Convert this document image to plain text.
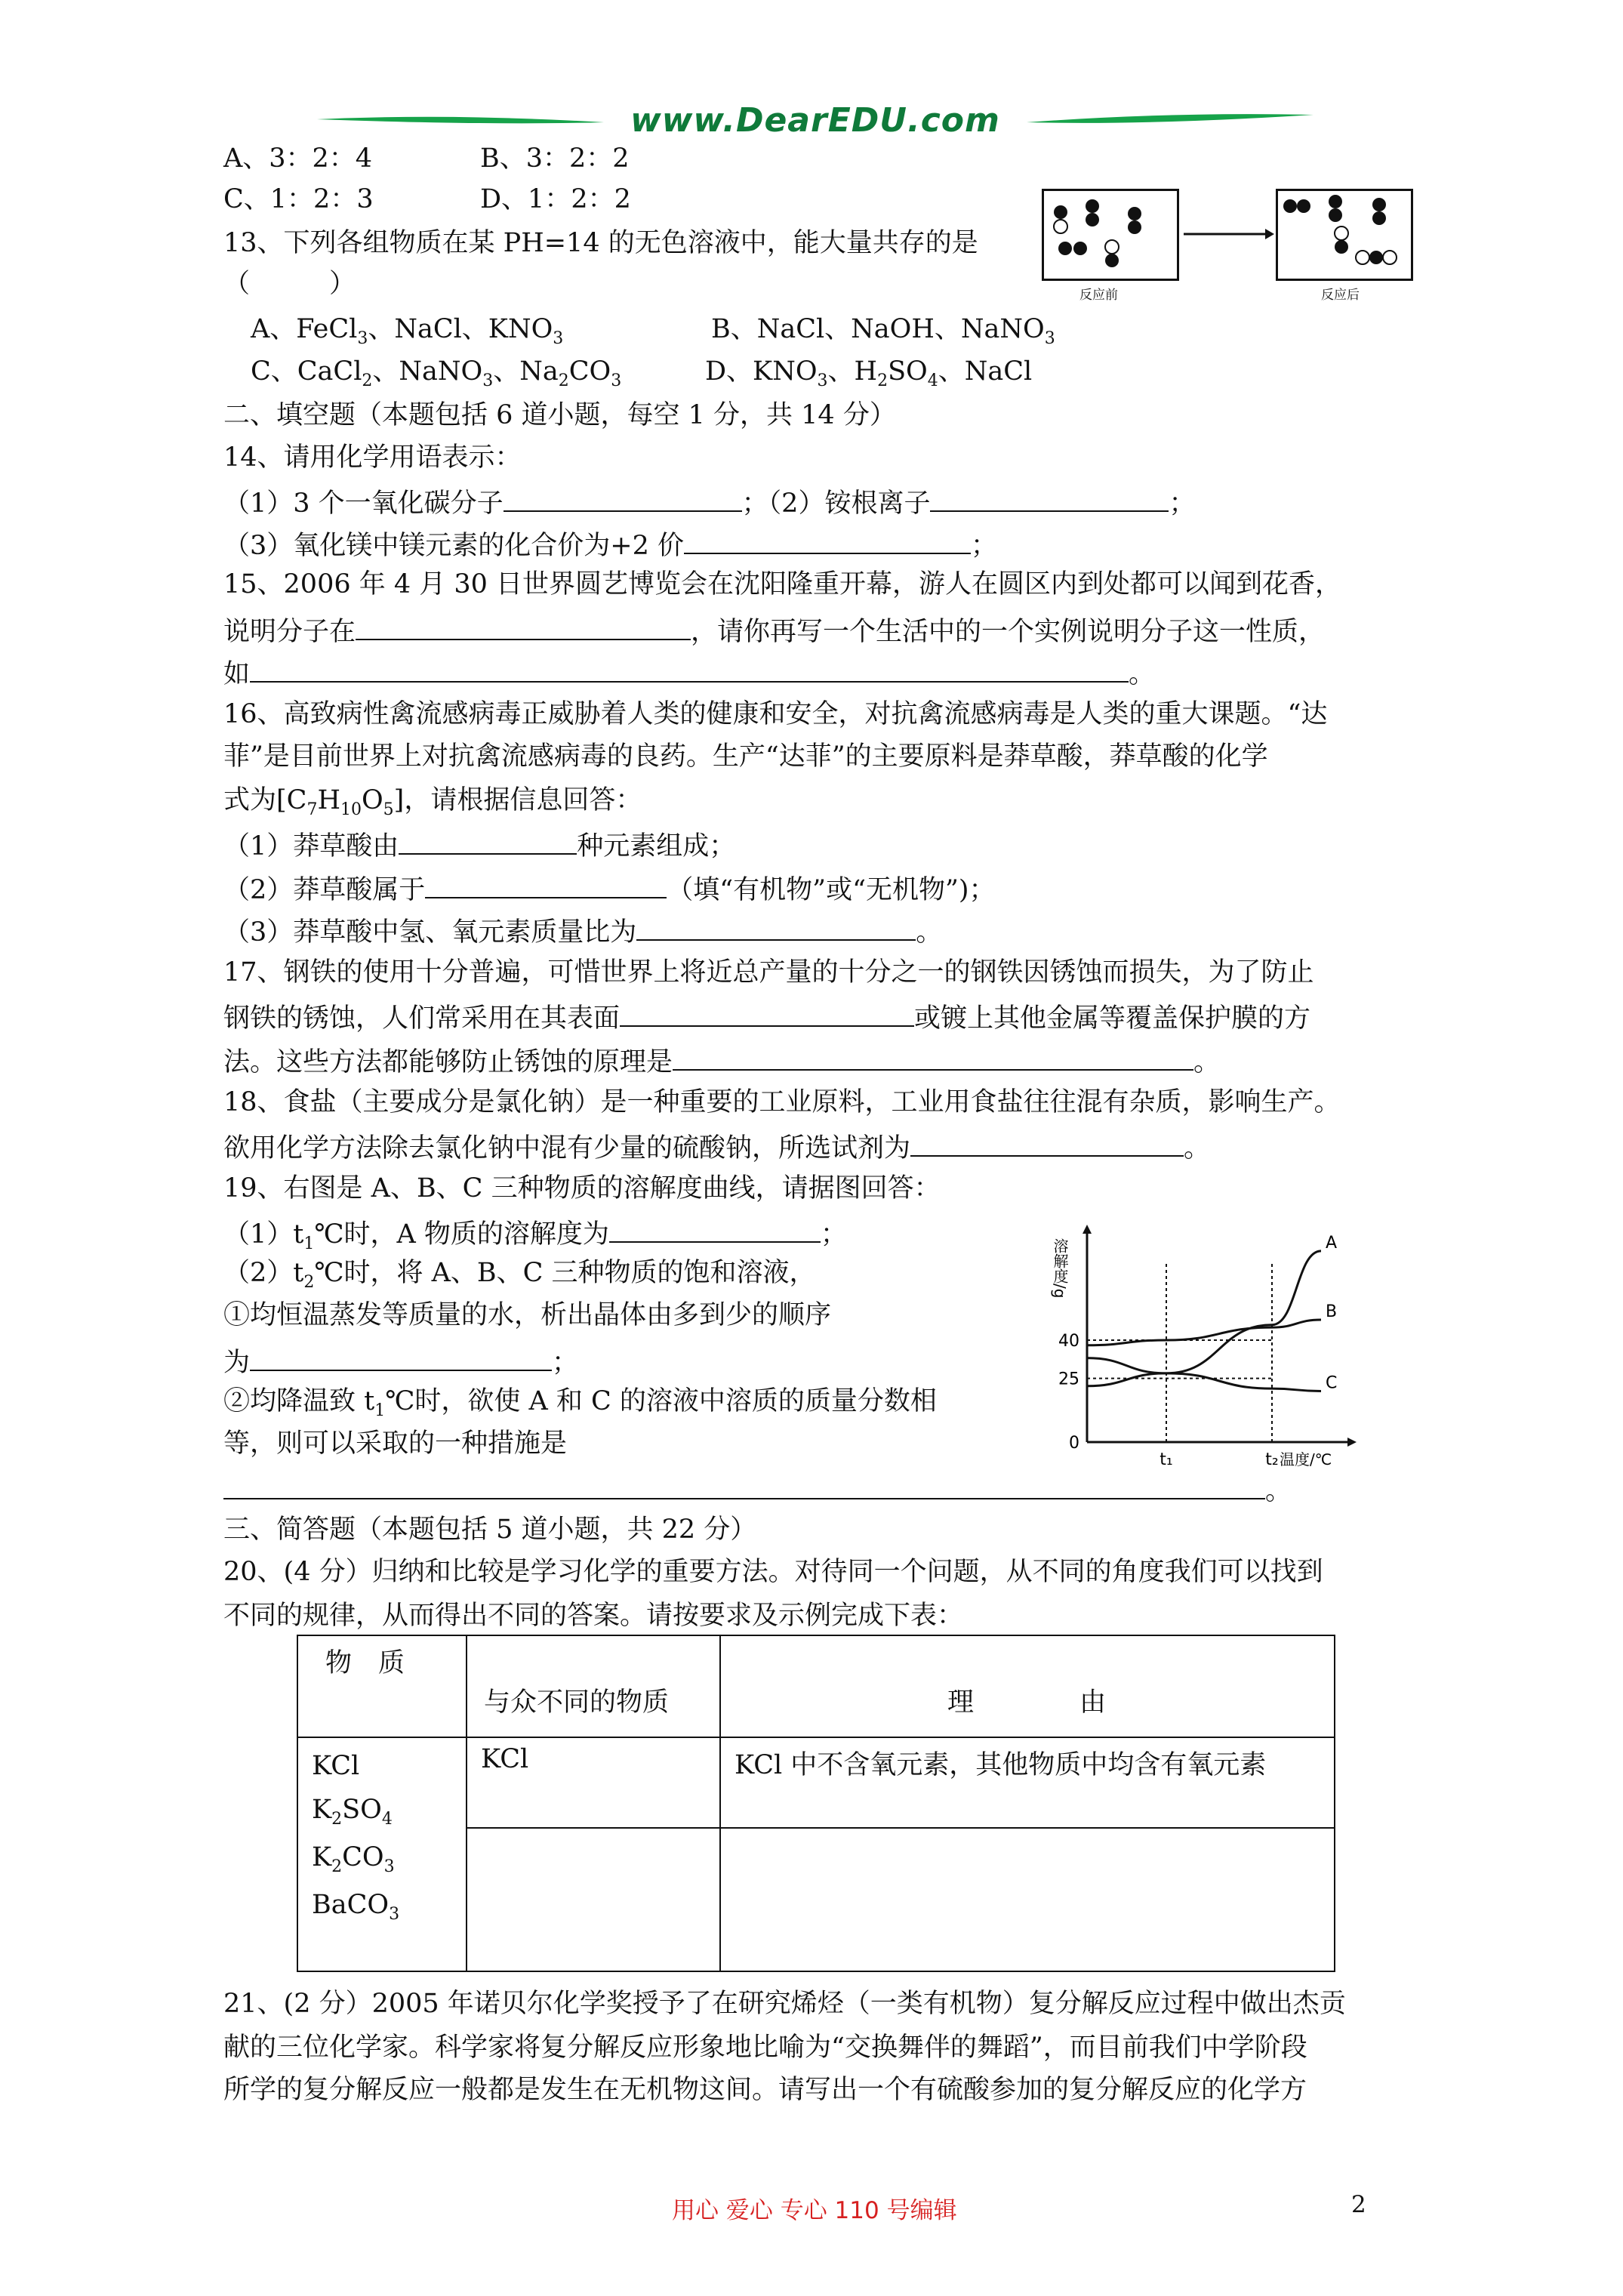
www.DearEDU.com
A、3：2：4	B、3：2：2
C、1：2：3	D、1：2：2
反应前	反应后
13、下列各组物质在某 PH=14 的无色溶液中，能大量共存的是
（　　　）
A、FeCl$_3$、NaCl、$KNO_3$	B、NaCl、NaOH、NaNO$_3$
C、CaCl$_2$、NaNO$_3$、$Na_2CO_3$	D、$KNO_3$、$H_2SO_4$、NaCl
二、填空题（本题包括 6 道小题，每空 1 分，共 14 分）
14、请用化学用语表示：
（1）3 个一氧化碳分子	；（2）铵根离子	；
（3）氧化镁中镁元素的化合价为+2 价	；
15、2006 年 4 月 30 日世界圆艺博览会在沈阳隆重开幕，游人在圆区内到处都可以闻到花香，
说明分子在	，请你再写一个生活中的一个实例说明分子这一性质，
如	。
16、高致病性禽流感病毒正威胁着人类的健康和安全，对抗禽流感病毒是人类的重大课题。“达
菲”是目前世界上对抗禽流感病毒的良药。生产“达菲”的主要原料是莽草酸，莽草酸的化学
式为$[C_7H_{10}O_5]$，请根据信息回答：
（1）莽草酸由	种元素组成；
（2）莽草酸属于	（填“有机物”或“无机物”)；
（3）莽草酸中氢、氧元素质量比为	。
17、钢铁的使用十分普遍，可惜世界上将近总产量的十分之一的钢铁因锈蚀而损失，为了防止
钢铁的锈蚀，人们常采用在其表面	或镀上其他金属等覆盖保护膜的方
法。这些方法都能够防止锈蚀的原理是	。
18、食盐（主要成分是氯化钠）是一种重要的工业原料，工业用食盐往往混有杂质，影响生产。
欲用化学方法除去氯化钠中混有少量的硫酸钠，所选试剂为	。
19、右图是 A、B、C 三种物质的溶解度曲线，请据图回答：
$(1)t_1℃$时，A 物质的溶解度为	；
$(2)t_2℃$时，将 A、B、C 三种物质的饱和溶液，
①均恒温蒸发等质量的水，析出晶体由多到少的顺序
为	；
②均降温致 $t_1℃$时，欲使 A 和 C 的溶液中溶质的质量分数相
等，则可以采取的一种措施是
。
0
25
40
t₁	t₂
溶解度/g
温度/℃
A
B
C
三、简答题（本题包括 5 道小题，共 22 分）
20、(4 分）归纳和比较是学习化学的重要方法。对待同一个问题，从不同的角度我们可以找到
不同的规律，从而得出不同的答案。请按要求及示例完成下表：
物　质	与众不同的物质	理　　　　由

KCl
$K_2SO_4$
$K_2CO_3$
BaCO$_3$	KCl	KCl 中不含氧元素，其他物质中均含有氧元素

21、(2 分）2005 年诺贝尔化学奖授予了在研究烯烃（一类有机物）复分解反应过程中做出杰贡
献的三位化学家。科学家将复分解反应形象地比喻为“交换舞伴的舞蹈”，而目前我们中学阶段
所学的复分解反应一般都是发生在无机物这间。请写出一个有硫酸参加的复分解反应的化学方
用心 爱心 专心 110 号编辑	2
